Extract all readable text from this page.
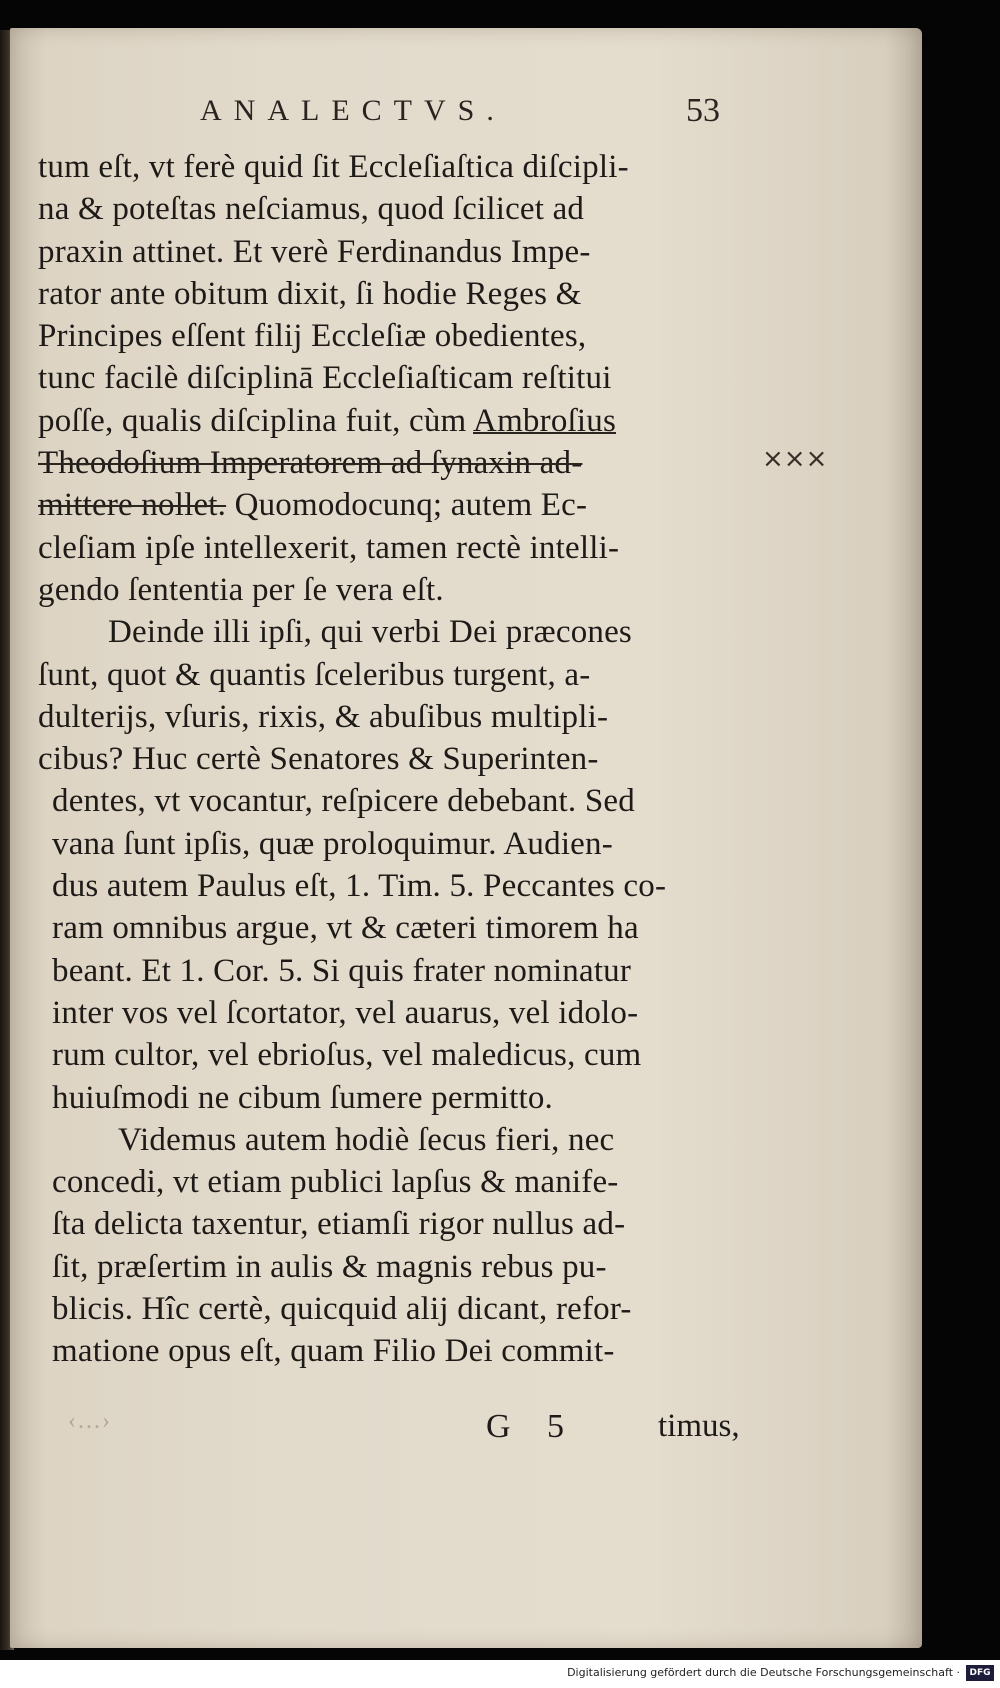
ANALECTVS.	53
tum eſt, vt ferè quid ſit Eccleſiaſtica diſcipli-
na & poteſtas neſciamus, quod ſcilicet ad
praxin attinet. Et verè Ferdinandus Impe-
rator ante obitum dixit, ſi hodie Reges &
Principes eſſent filij Eccleſiæ obedientes,
tunc facilè diſciplinā Eccleſiaſticam reſtitui
poſſe, qualis diſciplina fuit, cùm Ambroſius
Theodoſium Imperatorem ad ſynaxin ad-
mittere nollet. Quomodocunq; autem Ec-
cleſiam ipſe intellexerit, tamen rectè intelli-
gendo ſententia per ſe vera eſt.
Deinde illi ipſi, qui verbi Dei præcones
ſunt, quot & quantis ſceleribus turgent, a-
dulterijs, vſuris, rixis, & abuſibus multipli-
cibus? Huc certè Senatores & Superinten-
dentes, vt vocantur, reſpicere debebant. Sed
vana ſunt ipſis, quæ proloquimur. Audien-
dus autem Paulus eſt, 1. Tim. 5. Peccantes co-
ram omnibus argue, vt & cæteri timorem ha
beant. Et 1. Cor. 5. Si quis frater nominatur
inter vos vel ſcortator, vel auarus, vel idolo-
rum cultor, vel ebrioſus, vel maledicus, cum
huiuſmodi ne cibum ſumere permitto.
Videmus autem hodiè ſecus fieri, nec
concedi, vt etiam publici lapſus & manife-
ſta delicta taxentur, etiamſi rigor nullus ad-
ſit, præſertim in aulis & magnis rebus pu-
blicis. Hîc certè, quicquid alij dicant, refor-
matione opus eſt, quam Filio Dei commit-
×××
‹…›	G 5 timus,
Digitalisierung gefördert durch die Deutsche Forschungsgemeinschaft ·	DFG
